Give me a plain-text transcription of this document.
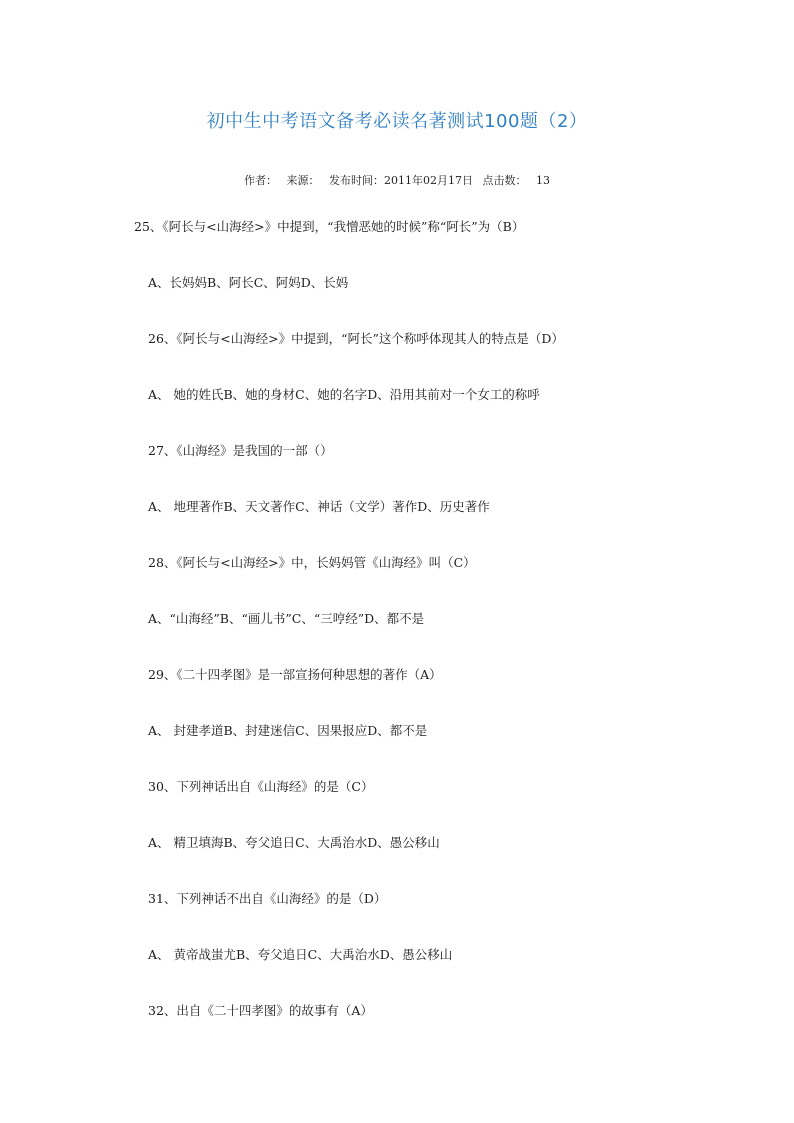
初中生中考语文备考必读名著测试100题（2）
作者： 来源： 发布时间：2011年02月17日 点击数： 13
25、《阿长与<山海经>》中提到，“我憎恶她的时候”称“阿长”为（B）
A、长妈妈B、阿长C、阿妈D、长妈
26、《阿长与<山海经>》中提到，“阿长”这个称呼体现其人的特点是（D）
A、 她的姓氏B、她的身材C、她的名字D、沿用其前对一个女工的称呼
27、《山海经》是我国的一部（）
A、 地理著作B、天文著作C、神话（文学）著作D、历史著作
28、《阿长与<山海经>》中，长妈妈管《山海经》叫（C）
A、“山海经”B、“画儿书”C、“三哼经”D、都不是
29、《二十四孝图》是一部宣扬何种思想的著作（A）
A、 封建孝道B、封建迷信C、因果报应D、都不是
30、下列神话出自《山海经》的是（C）
A、 精卫填海B、夸父追日C、大禹治水D、愚公移山
31、下列神话不出自《山海经》的是（D）
A、 黄帝战蚩尤B、夸父追日C、大禹治水D、愚公移山
32、出自《二十四孝图》的故事有（A）
